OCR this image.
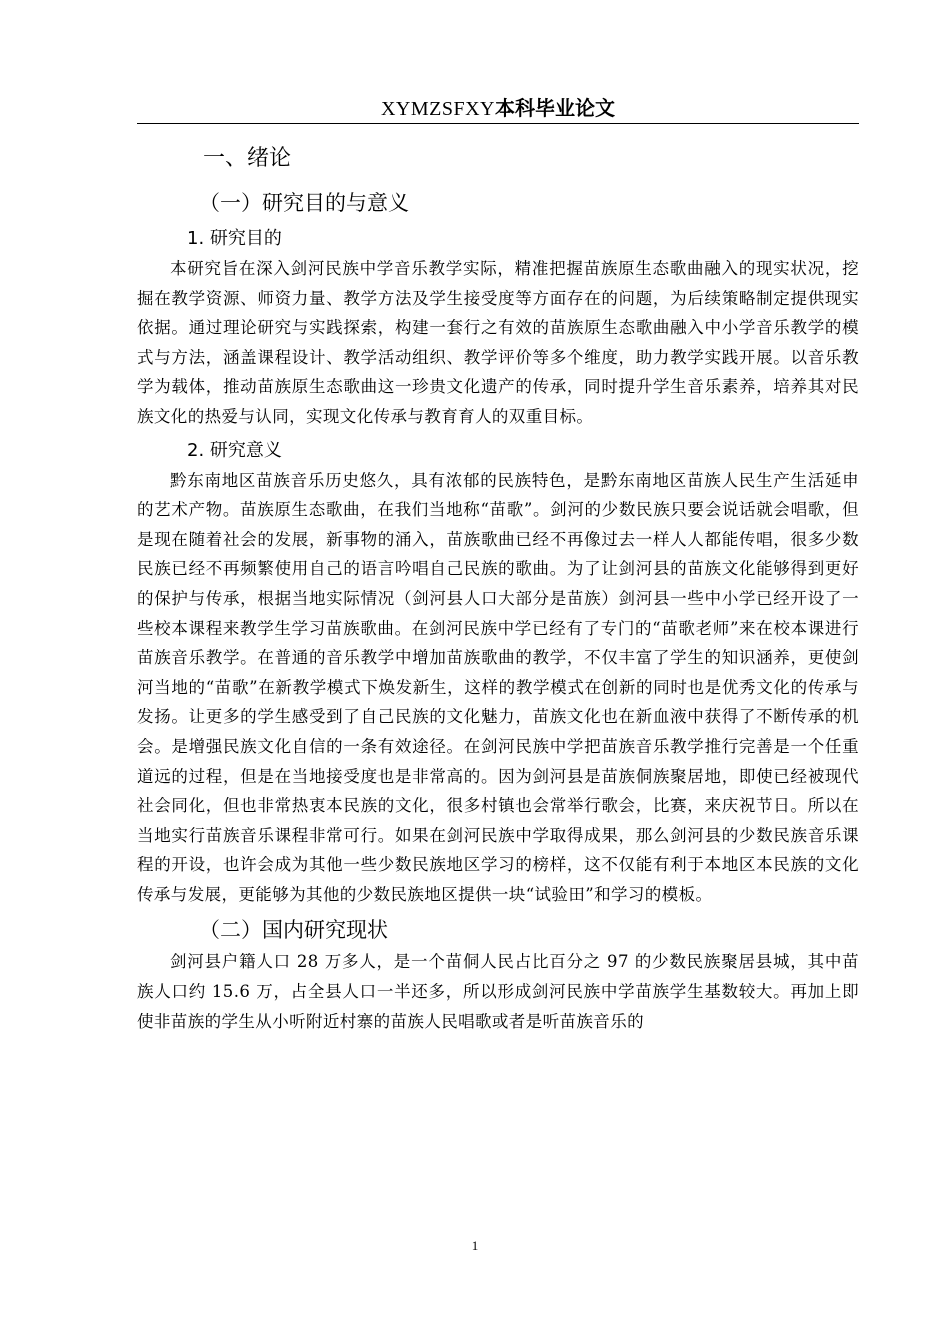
XYMZSFXY本科毕业论文
一、绪论
（一）研究目的与意义
1. 研究目的

本研究旨在深入剑河民族中学音乐教学实际，精准把握苗族原生态歌曲融入的现实状况，挖掘在教学资源、师资力量、教学方法及学生接受度等方面存在的问题，为后续策略制定提供现实依据。通过理论研究与实践探索，构建一套行之有效的苗族原生态歌曲融入中小学音乐教学的模式与方法，涵盖课程设计、教学活动组织、教学评价等多个维度，助力教学实践开展。以音乐教学为载体，推动苗族原生态歌曲这一珍贵文化遗产的传承，同时提升学生音乐素养，培养其对民族文化的热爱与认同，实现文化传承与教育育人的双重目标。

2. 研究意义

黔东南地区苗族音乐历史悠久，具有浓郁的民族特色，是黔东南地区苗族人民生产生活延申的艺术产物。苗族原生态歌曲，在我们当地称“苗歌”。剑河的少数民族只要会说话就会唱歌，但是现在随着社会的发展，新事物的涌入，苗族歌曲已经不再像过去一样人人都能传唱，很多少数民族已经不再频繁使用自己的语言吟唱自己民族的歌曲。为了让剑河县的苗族文化能够得到更好的保护与传承，根据当地实际情况（剑河县人口大部分是苗族）剑河县一些中小学已经开设了一些校本课程来教学生学习苗族歌曲。在剑河民族中学已经有了专门的“苗歌老师”来在校本课进行苗族音乐教学。在普通的音乐教学中增加苗族歌曲的教学，不仅丰富了学生的知识涵养，更使剑河当地的“苗歌”在新教学模式下焕发新生，这样的教学模式在创新的同时也是优秀文化的传承与发扬。让更多的学生感受到了自己民族的文化魅力，苗族文化也在新血液中获得了不断传承的机会。是增强民族文化自信的一条有效途径。在剑河民族中学把苗族音乐教学推行完善是一个任重道远的过程，但是在当地接受度也是非常高的。因为剑河县是苗族侗族聚居地，即使已经被现代社会同化，但也非常热衷本民族的文化，很多村镇也会常举行歌会，比赛，来庆祝节日。所以在当地实行苗族音乐课程非常可行。如果在剑河民族中学取得成果，那么剑河县的少数民族音乐课程的开设，也许会成为其他一些少数民族地区学习的榜样，这不仅能有利于本地区本民族的文化传承与发展，更能够为其他的少数民族地区提供一块“试验田”和学习的模板。

（二）国内研究现状

剑河县户籍人口 28 万多人，是一个苗侗人民占比百分之 97 的少数民族聚居县城，其中苗族人口约 15.6 万，占全县人口一半还多，所以形成剑河民族中学苗族学生基数较大。再加上即使非苗族的学生从小听附近村寨的苗族人民唱歌或者是听苗族音乐的

1
